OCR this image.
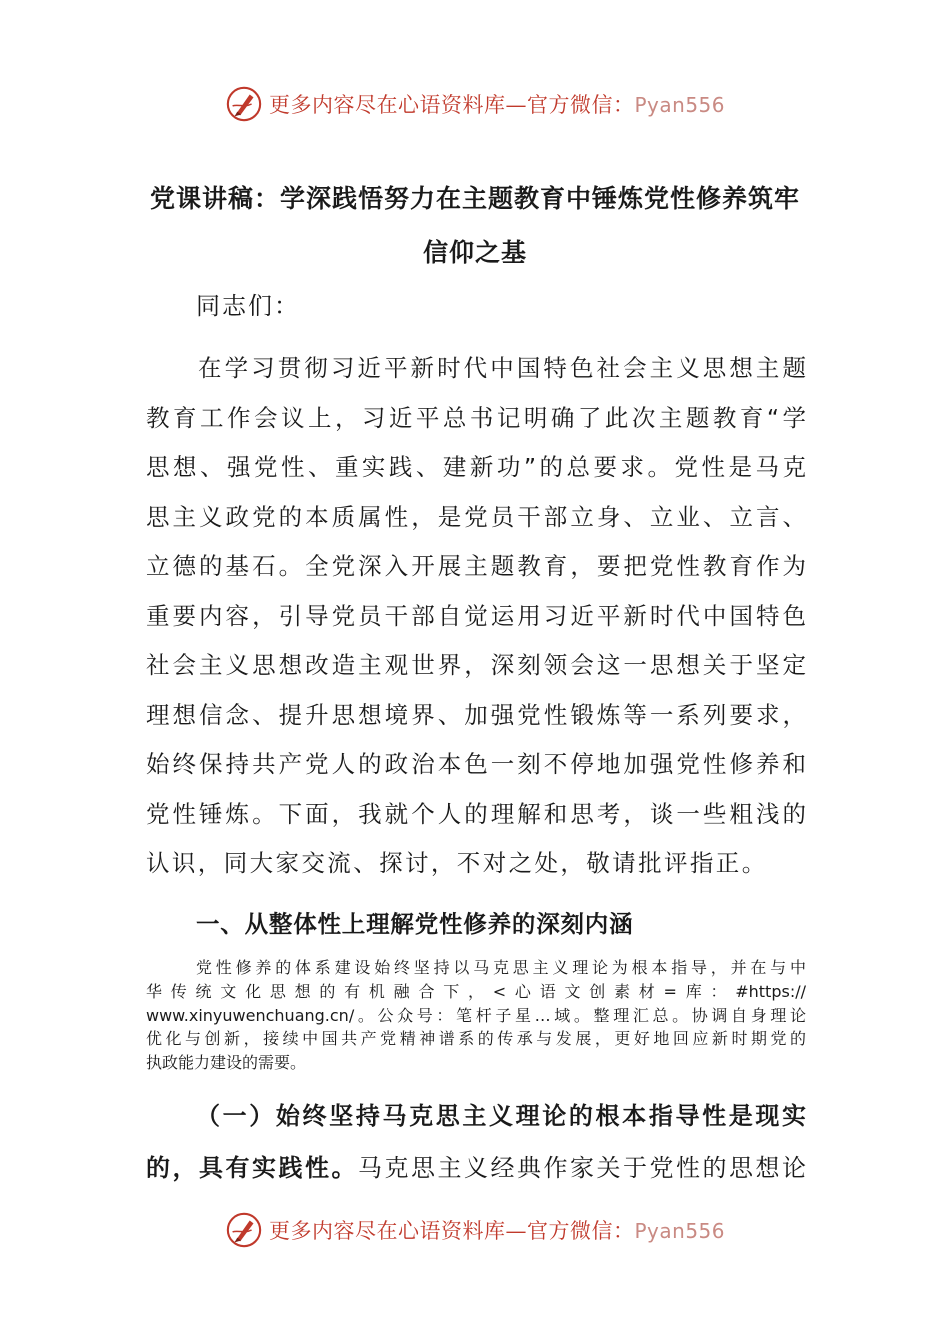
更多内容尽在心语资料库—官方微信：Pyan556
党课讲稿：学深践悟努力在主题教育中锤炼党性修养筑牢
信仰之基
同志们：
在学习贯彻习近平新时代中国特色社会主义思想主题
教育工作会议上，习近平总书记明确了此次主题教育“学
思想、强党性、重实践、建新功”的总要求。党性是马克
思主义政党的本质属性，是党员干部立身、立业、立言、
立德的基石。全党深入开展主题教育，要把党性教育作为
重要内容，引导党员干部自觉运用习近平新时代中国特色
社会主义思想改造主观世界，深刻领会这一思想关于坚定
理想信念、提升思想境界、加强党性锻炼等一系列要求，
始终保持共产党人的政治本色一刻不停地加强党性修养和
党性锤炼。下面，我就个人的理解和思考，谈一些粗浅的
认识，同大家交流、探讨，不对之处，敬请批评指正。
一、从整体性上理解党性修养的深刻内涵
党性修养的体系建设始终坚持以马克思主义理论为根本指导，并在与中
华传统文化思想的有机融合下，<心语文创素材=库：#https://
www.xinyuwenchuang.cn/。公众号：笔杆子星…域。整理汇总。协调自身理论
优化与创新，接续中国共产党精神谱系的传承与发展，更好地回应新时期党的
执政能力建设的需要。
（一）始终坚持马克思主义理论的根本指导性是现实
的，具有实践性。马克思主义经典作家关于党性的思想论
更多内容尽在心语资料库—官方微信：Pyan556
